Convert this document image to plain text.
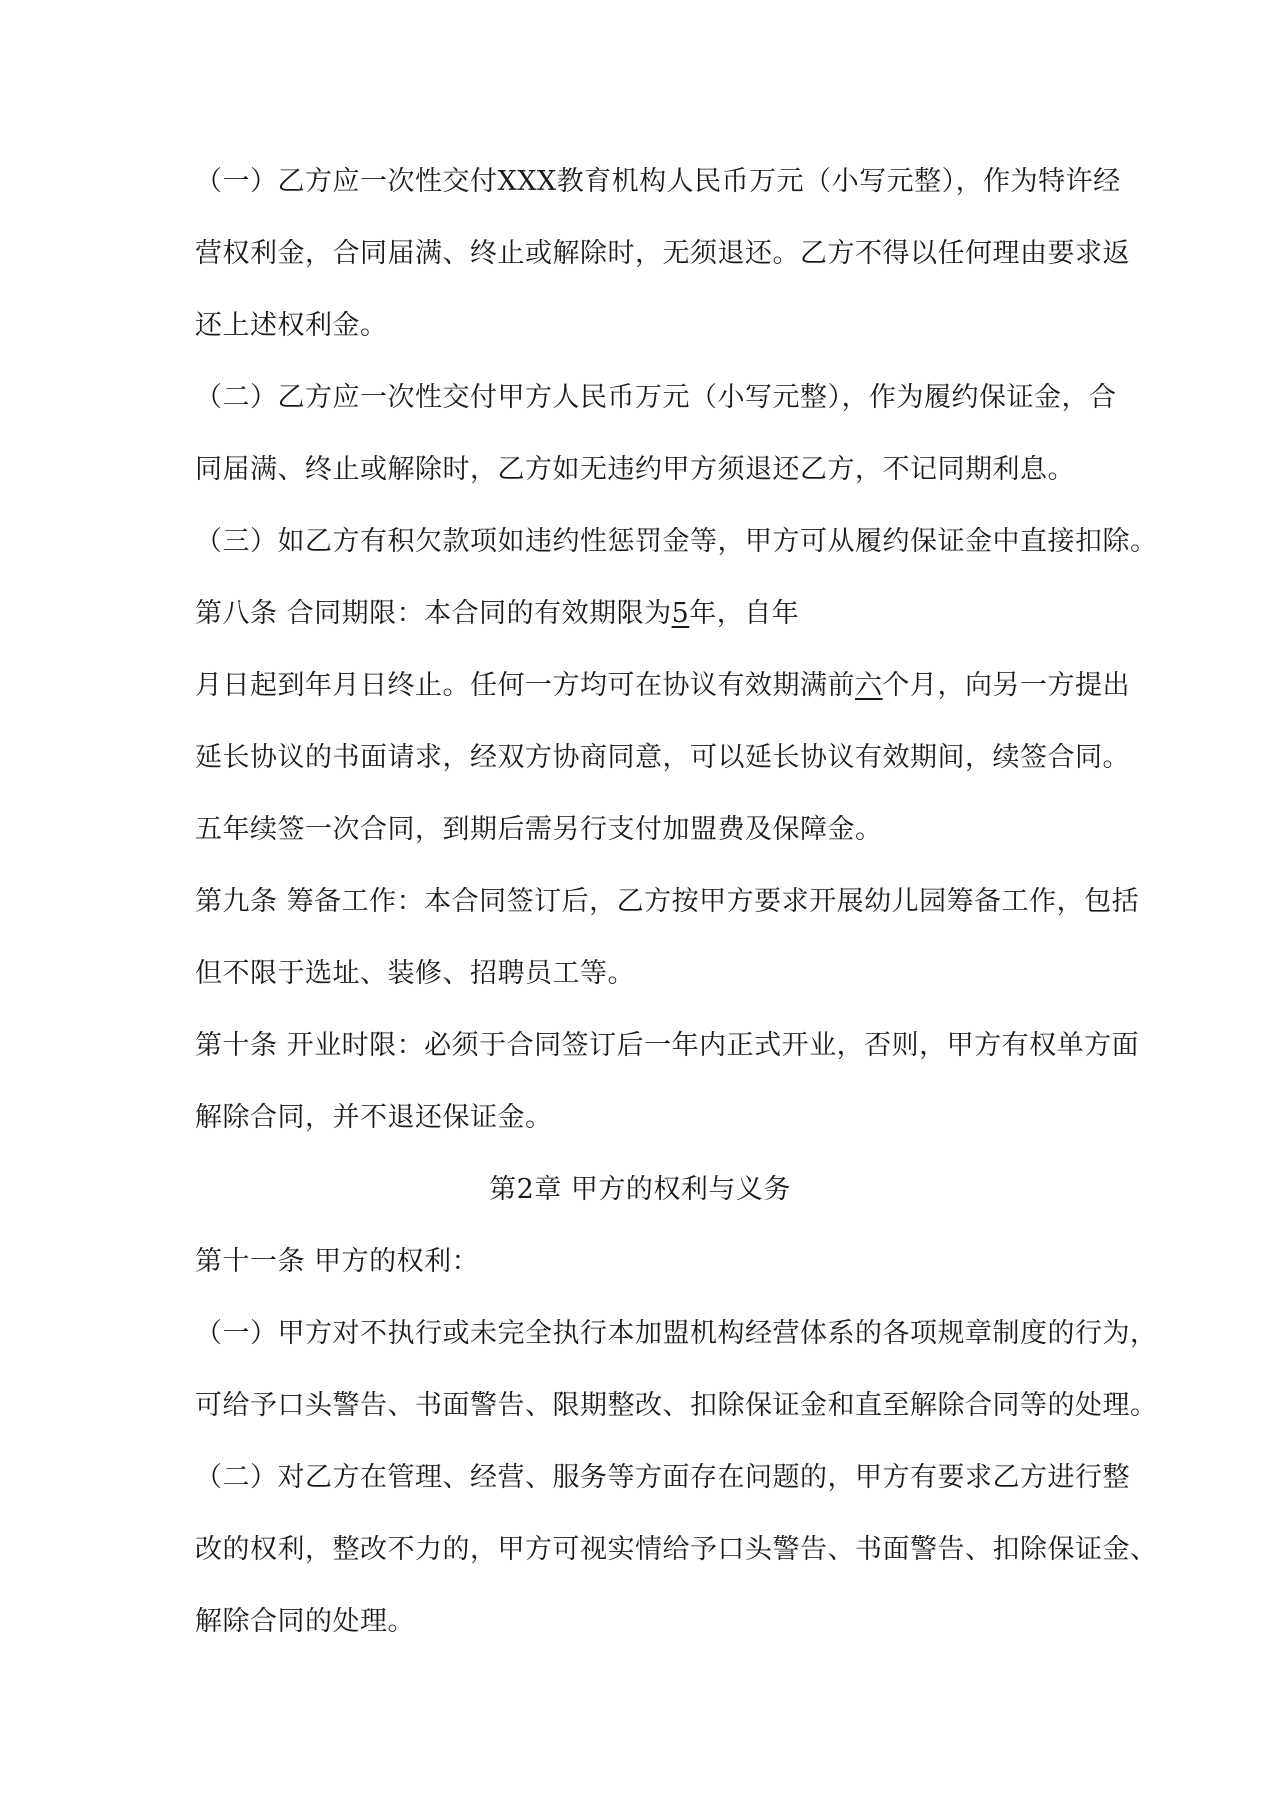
（一）乙方应一次性交付XXX教育机构人民币万元（小写元整），作为特许经
营权利金，合同届满、终止或解除时，无须退还。乙方不得以任何理由要求返
还上述权利金。
（二）乙方应一次性交付甲方人民币万元（小写元整），作为履约保证金，合
同届满、终止或解除时，乙方如无违约甲方须退还乙方，不记同期利息。
（三）如乙方有积欠款项如违约性惩罚金等，甲方可从履约保证金中直接扣除。
第八条 合同期限：本合同的有效期限为5年，自年
月日起到年月日终止。任何一方均可在协议有效期满前六个月，向另一方提出
延长协议的书面请求，经双方协商同意，可以延长协议有效期间，续签合同。
五年续签一次合同，到期后需另行支付加盟费及保障金。
第九条 筹备工作：本合同签订后，乙方按甲方要求开展幼儿园筹备工作，包括
但不限于选址、装修、招聘员工等。
第十条 开业时限：必须于合同签订后一年内正式开业，否则，甲方有权单方面
解除合同，并不退还保证金。
第2章 甲方的权利与义务
第十一条 甲方的权利：
（一）甲方对不执行或未完全执行本加盟机构经营体系的各项规章制度的行为，
可给予口头警告、书面警告、限期整改、扣除保证金和直至解除合同等的处理。
（二）对乙方在管理、经营、服务等方面存在问题的，甲方有要求乙方进行整
改的权利，整改不力的，甲方可视实情给予口头警告、书面警告、扣除保证金、
解除合同的处理。
